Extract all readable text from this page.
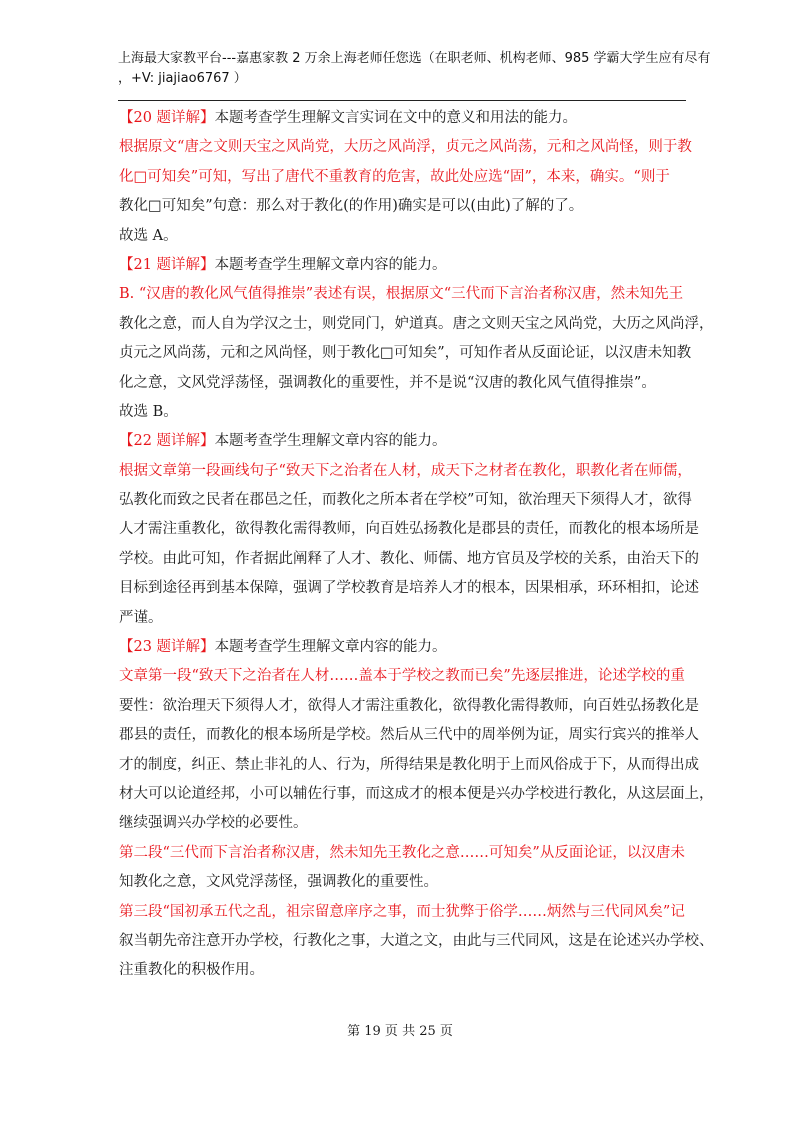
上海最大家教平台---嘉惠家教 2 万余上海老师任您选（在职老师、机构老师、985 学霸大学生应有尽有
，+V: jiajiao6767 ）
【20 题详解】本题考查学生理解文言实词在文中的意义和用法的能力。
根据原文“唐之文则天宝之风尚党，大历之风尚浮，贞元之风尚荡，元和之风尚怪，则于教
化□可知矣”可知，写出了唐代不重教育的危害，故此处应选“固”，本来，确实。“则于
教化□可知矣”句意：那么对于教化(的作用)确实是可以(由此)了解的了。
故选 A。
【21 题详解】本题考查学生理解文章内容的能力。
B. “汉唐的教化风气值得推崇”表述有误，根据原文“三代而下言治者称汉唐，然未知先王
教化之意，而人自为学汉之士，则党同门，妒道真。唐之文则天宝之风尚党，大历之风尚浮，
贞元之风尚荡，元和之风尚怪，则于教化□可知矣”，可知作者从反面论证，以汉唐未知教
化之意，文风党浮荡怪，强调教化的重要性，并不是说“汉唐的教化风气值得推崇”。
故选 B。
【22 题详解】本题考查学生理解文章内容的能力。
根据文章第一段画线句子“致天下之治者在人材，成天下之材者在教化，职教化者在师儒，
弘教化而致之民者在郡邑之任，而教化之所本者在学校”可知，欲治理天下须得人才，欲得
人才需注重教化，欲得教化需得教师，向百姓弘扬教化是郡县的责任，而教化的根本场所是
学校。由此可知，作者据此阐释了人才、教化、师儒、地方官员及学校的关系，由治天下的
目标到途径再到基本保障，强调了学校教育是培养人才的根本，因果相承，环环相扣，论述
严谨。
【23 题详解】本题考查学生理解文章内容的能力。
文章第一段“致天下之治者在人材……盖本于学校之教而已矣”先逐层推进，论述学校的重
要性：欲治理天下须得人才，欲得人才需注重教化，欲得教化需得教师，向百姓弘扬教化是
郡县的责任，而教化的根本场所是学校。然后从三代中的周举例为证，周实行宾兴的推举人
才的制度，纠正、禁止非礼的人、行为，所得结果是教化明于上而风俗成于下，从而得出成
材大可以论道经邦，小可以辅佐行事，而这成才的根本便是兴办学校进行教化，从这层面上，
继续强调兴办学校的必要性。
第二段“三代而下言治者称汉唐，然未知先王教化之意……可知矣”从反面论证，以汉唐未
知教化之意，文风党浮荡怪，强调教化的重要性。
第三段“国初承五代之乱，祖宗留意庠序之事，而士犹弊于俗学……炳然与三代同风矣”记
叙当朝先帝注意开办学校，行教化之事，大道之文，由此与三代同风，这是在论述兴办学校、
注重教化的积极作用。
第 19 页 共 25 页
